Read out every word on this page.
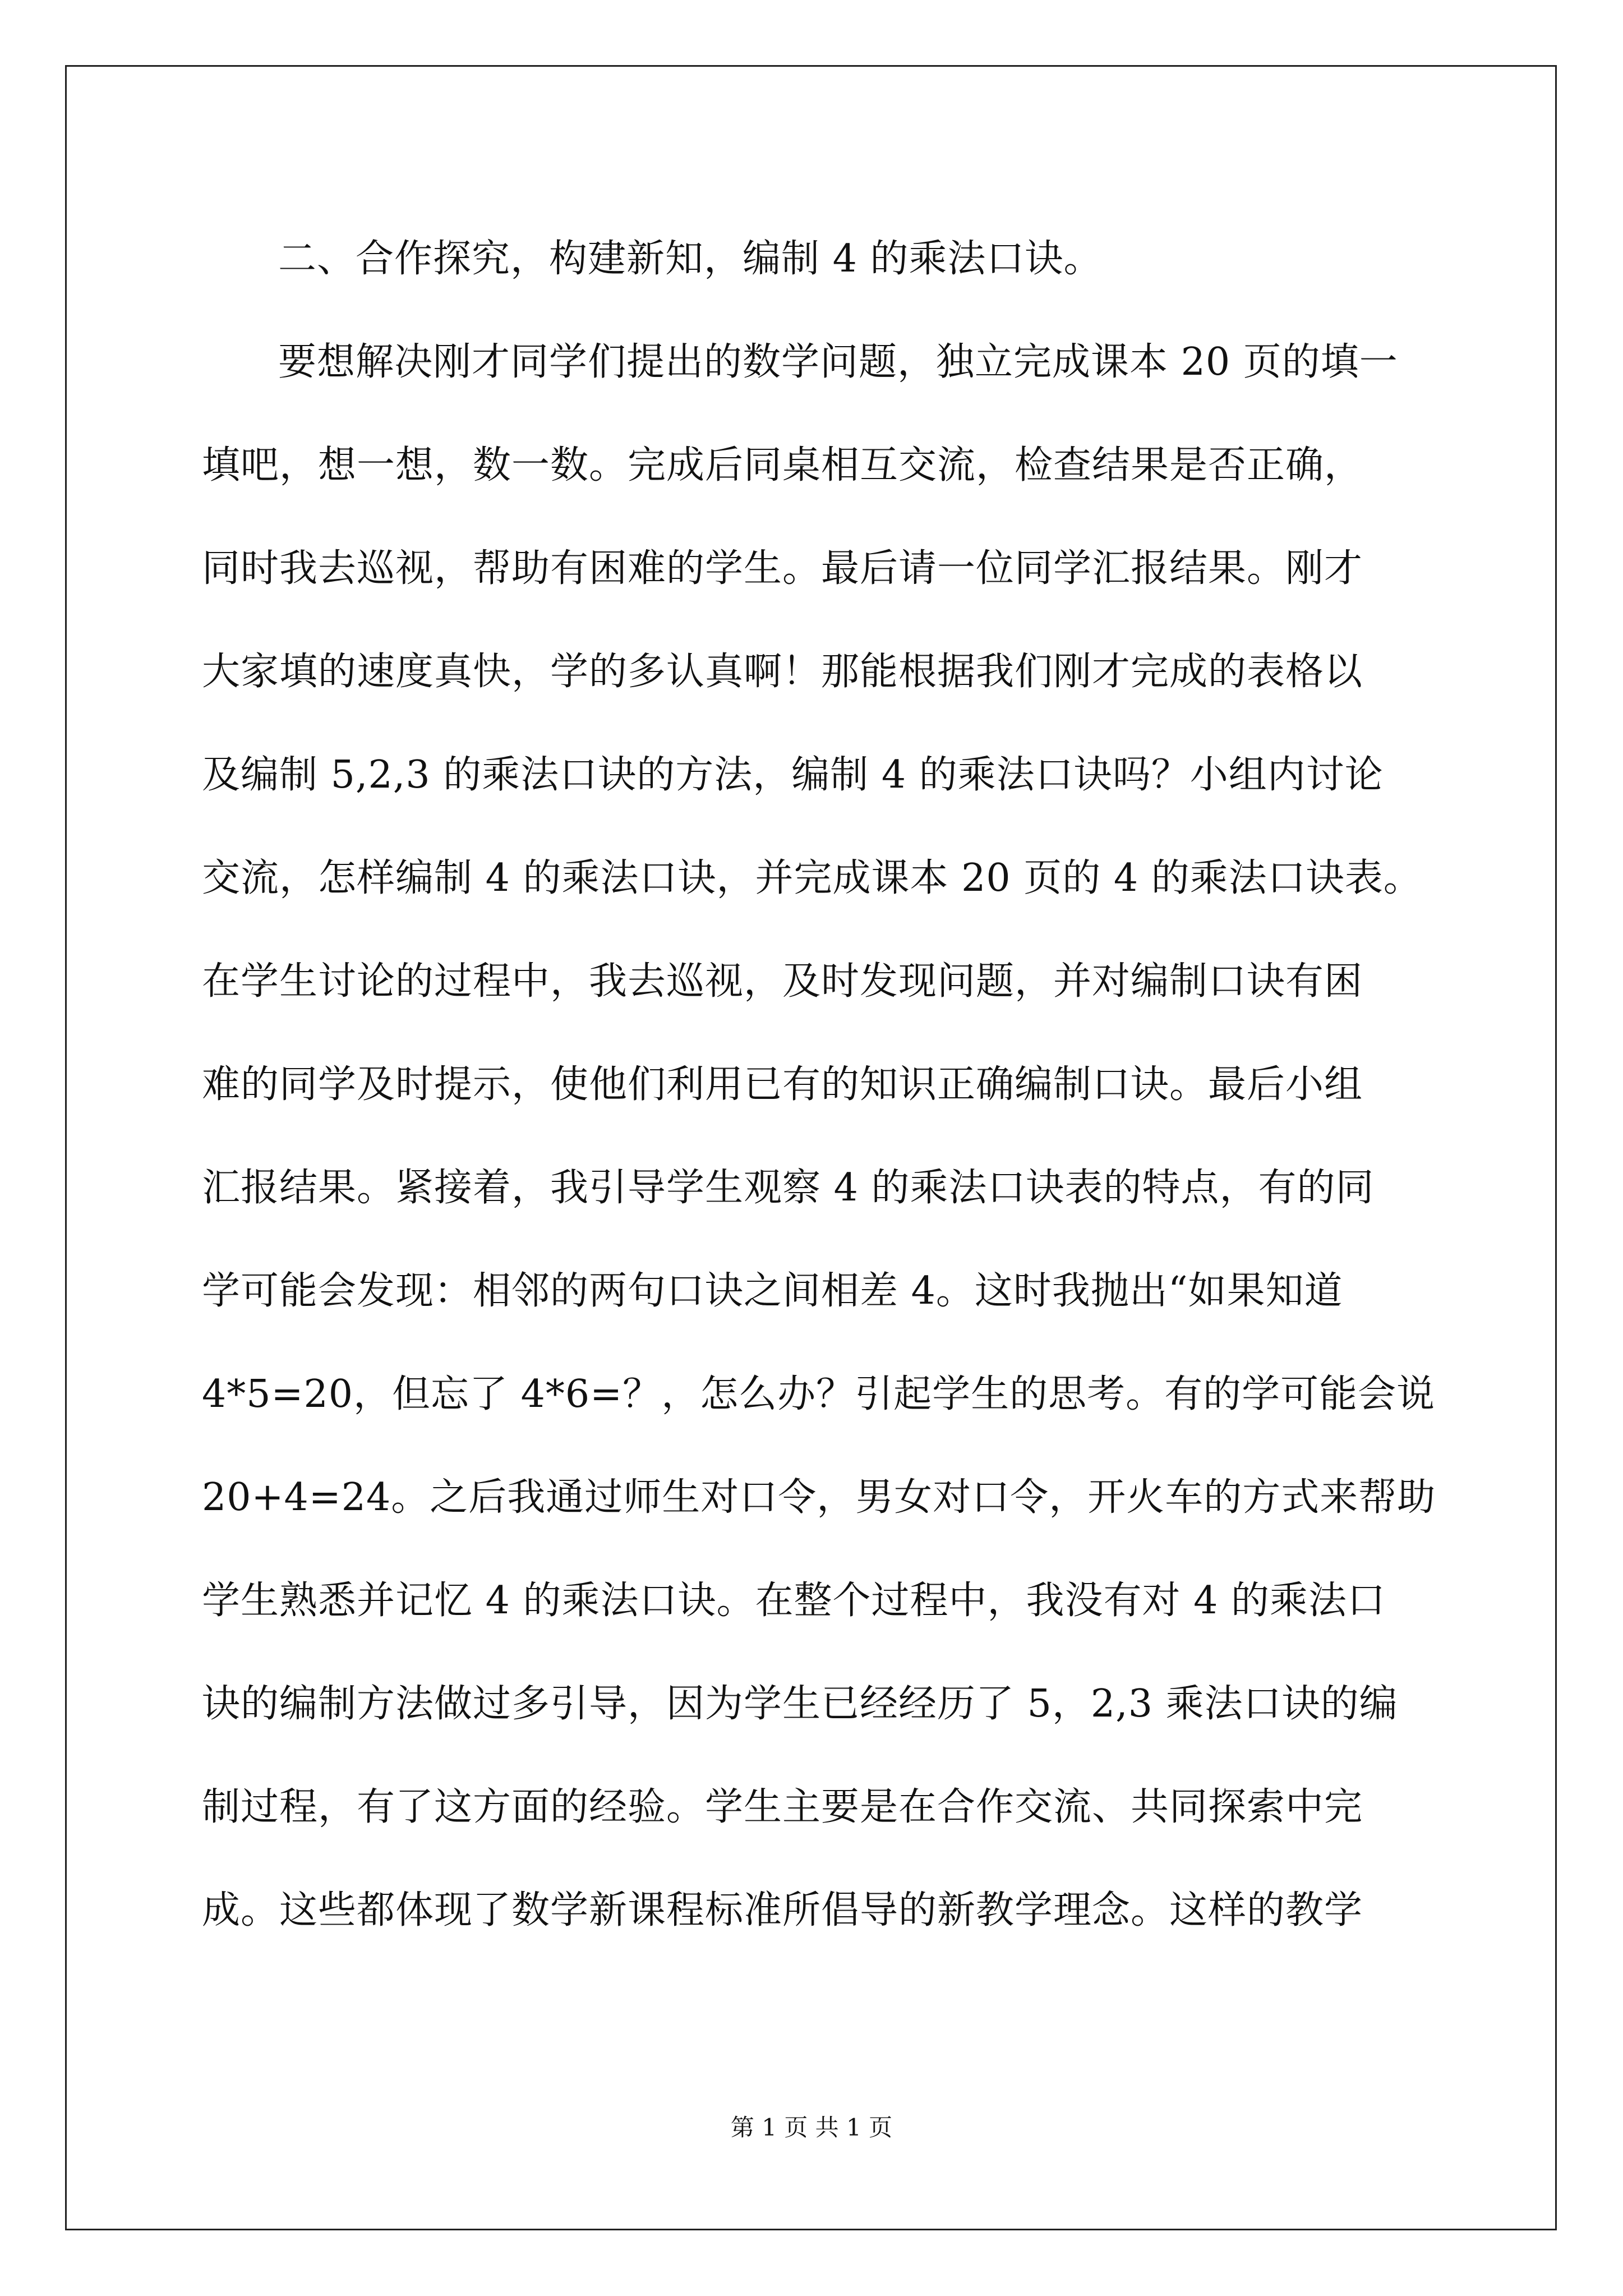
二、合作探究，构建新知，编制 4 的乘法口诀。
要想解决刚才同学们提出的数学问题，独立完成课本 20 页的填一
填吧，想一想，数一数。完成后同桌相互交流，检查结果是否正确，
同时我去巡视，帮助有困难的学生。最后请一位同学汇报结果。刚才
大家填的速度真快，学的多认真啊！那能根据我们刚才完成的表格以
及编制 5,2,3 的乘法口诀的方法，编制 4 的乘法口诀吗？小组内讨论
交流，怎样编制 4 的乘法口诀，并完成课本 20 页的 4 的乘法口诀表。
在学生讨论的过程中，我去巡视，及时发现问题，并对编制口诀有困
难的同学及时提示，使他们利用已有的知识正确编制口诀。最后小组
汇报结果。紧接着，我引导学生观察 4 的乘法口诀表的特点，有的同
学可能会发现：相邻的两句口诀之间相差 4。这时我抛出“如果知道
4*5=20，但忘了 4*6=？，怎么办？引起学生的思考。有的学可能会说
20+4=24。之后我通过师生对口令，男女对口令，开火车的方式来帮助
学生熟悉并记忆 4 的乘法口诀。在整个过程中，我没有对 4 的乘法口
诀的编制方法做过多引导，因为学生已经经历了 5，2,3 乘法口诀的编
制过程，有了这方面的经验。学生主要是在合作交流、共同探索中完
成。这些都体现了数学新课程标准所倡导的新教学理念。这样的教学
第 1 页 共 1 页
